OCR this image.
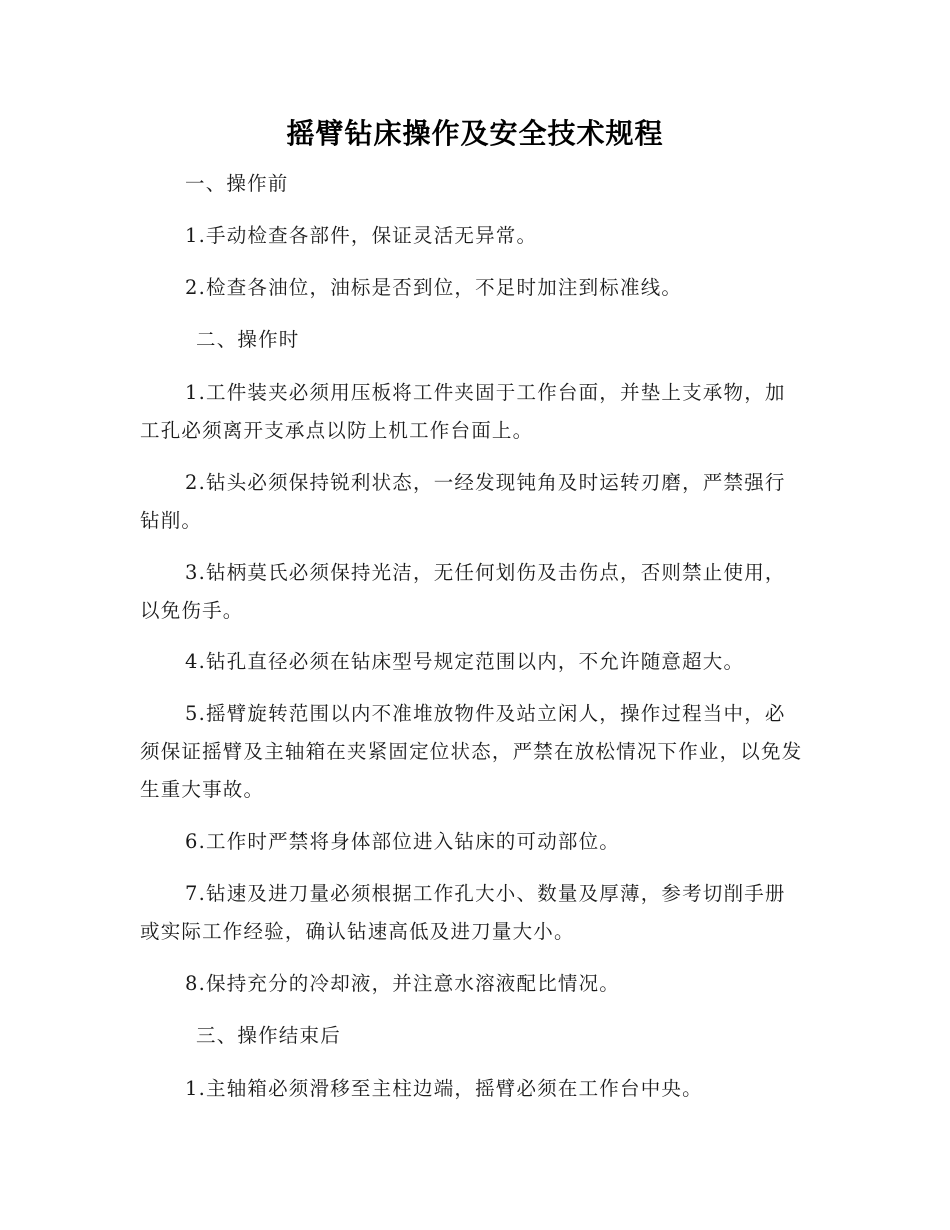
摇臂钻床操作及安全技术规程

一、操作前

1.手动检查各部件，保证灵活无异常。

2.检查各油位，油标是否到位，不足时加注到标准线。

二、操作时

1.工件装夹必须用压板将工件夹固于工作台面，并垫上支承物，加工孔必须离开支承点以防上机工作台面上。

2.钻头必须保持锐利状态，一经发现钝角及时运转刃磨，严禁强行钻削。

3.钻柄莫氏必须保持光洁，无任何划伤及击伤点，否则禁止使用，以免伤手。

4.钻孔直径必须在钻床型号规定范围以内，不允许随意超大。

5.摇臂旋转范围以内不准堆放物件及站立闲人，操作过程当中，必须保证摇臂及主轴箱在夹紧固定位状态，严禁在放松情况下作业，以免发生重大事故。

6.工作时严禁将身体部位进入钻床的可动部位。

7.钻速及进刀量必须根据工作孔大小、数量及厚薄，参考切削手册或实际工作经验，确认钻速高低及进刀量大小。

8.保持充分的冷却液，并注意水溶液配比情况。

三、操作结束后

1.主轴箱必须滑移至主柱边端，摇臂必须在工作台中央。
